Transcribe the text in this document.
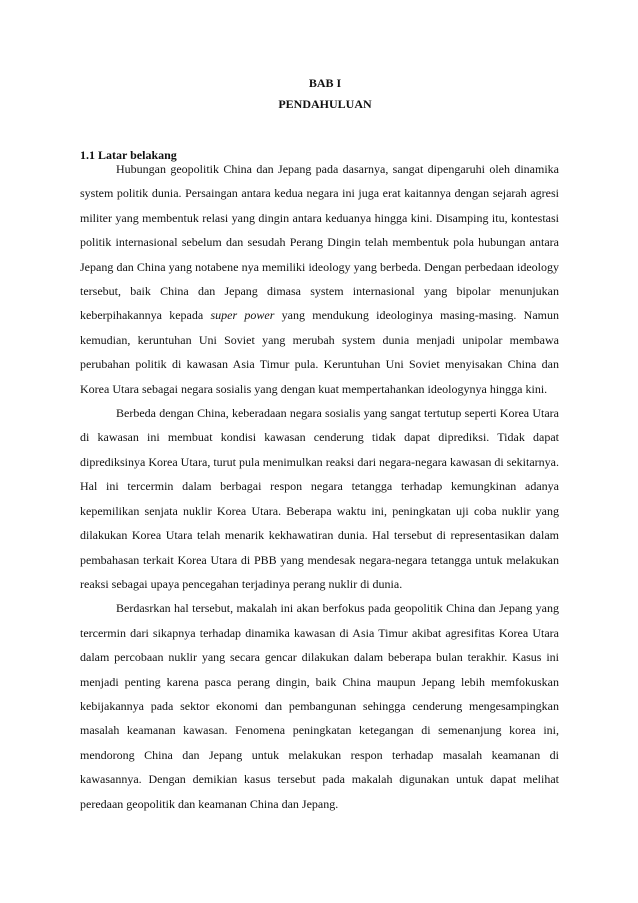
BAB I
PENDAHULUAN
1.1 Latar belakang

Hubungan geopolitik China dan Jepang pada dasarnya, sangat dipengaruhi oleh dinamika system politik dunia. Persaingan antara kedua negara ini juga erat kaitannya dengan sejarah agresi militer yang membentuk relasi yang dingin antara keduanya hingga kini. Disamping itu, kontestasi politik internasional sebelum dan sesudah Perang Dingin telah membentuk pola hubungan antara Jepang dan China yang notabene nya memiliki ideology yang berbeda. Dengan perbedaan ideology tersebut, baik China dan Jepang dimasa system internasional yang bipolar menunjukan keberpihakannya kepada super power yang mendukung ideologinya masing-masing. Namun kemudian, keruntuhan Uni Soviet yang merubah system dunia menjadi unipolar membawa perubahan politik di kawasan Asia Timur pula. Keruntuhan Uni Soviet menyisakan China dan Korea Utara sebagai negara sosialis yang dengan kuat mempertahankan ideologynya hingga kini.

Berbeda dengan China, keberadaan negara sosialis yang sangat tertutup seperti Korea Utara di kawasan ini membuat kondisi kawasan cenderung tidak dapat diprediksi. Tidak dapat diprediksinya Korea Utara, turut pula menimulkan reaksi dari negara-negara kawasan di sekitarnya. Hal ini tercermin dalam berbagai respon negara tetangga terhadap kemungkinan adanya kepemilikan senjata nuklir Korea Utara. Beberapa waktu ini, peningkatan uji coba nuklir yang dilakukan Korea Utara telah menarik kekhawatiran dunia. Hal tersebut di representasikan dalam pembahasan terkait Korea Utara di PBB yang mendesak negara-negara tetangga untuk melakukan reaksi sebagai upaya pencegahan terjadinya perang nuklir di dunia.

Berdasrkan hal tersebut, makalah ini akan berfokus pada geopolitik China dan Jepang yang tercermin dari sikapnya terhadap dinamika kawasan di Asia Timur akibat agresifitas Korea Utara dalam percobaan nuklir yang secara gencar dilakukan dalam beberapa bulan terakhir. Kasus ini menjadi penting karena pasca perang dingin, baik China maupun Jepang lebih memfokuskan kebijakannya pada sektor ekonomi dan pembangunan sehingga cenderung mengesampingkan masalah keamanan kawasan. Fenomena peningkatan ketegangan di semenanjung korea ini, mendorong China dan Jepang untuk melakukan respon terhadap masalah keamanan di kawasannya. Dengan demikian kasus tersebut pada makalah digunakan untuk dapat melihat peredaan geopolitik dan keamanan China dan Jepang.
